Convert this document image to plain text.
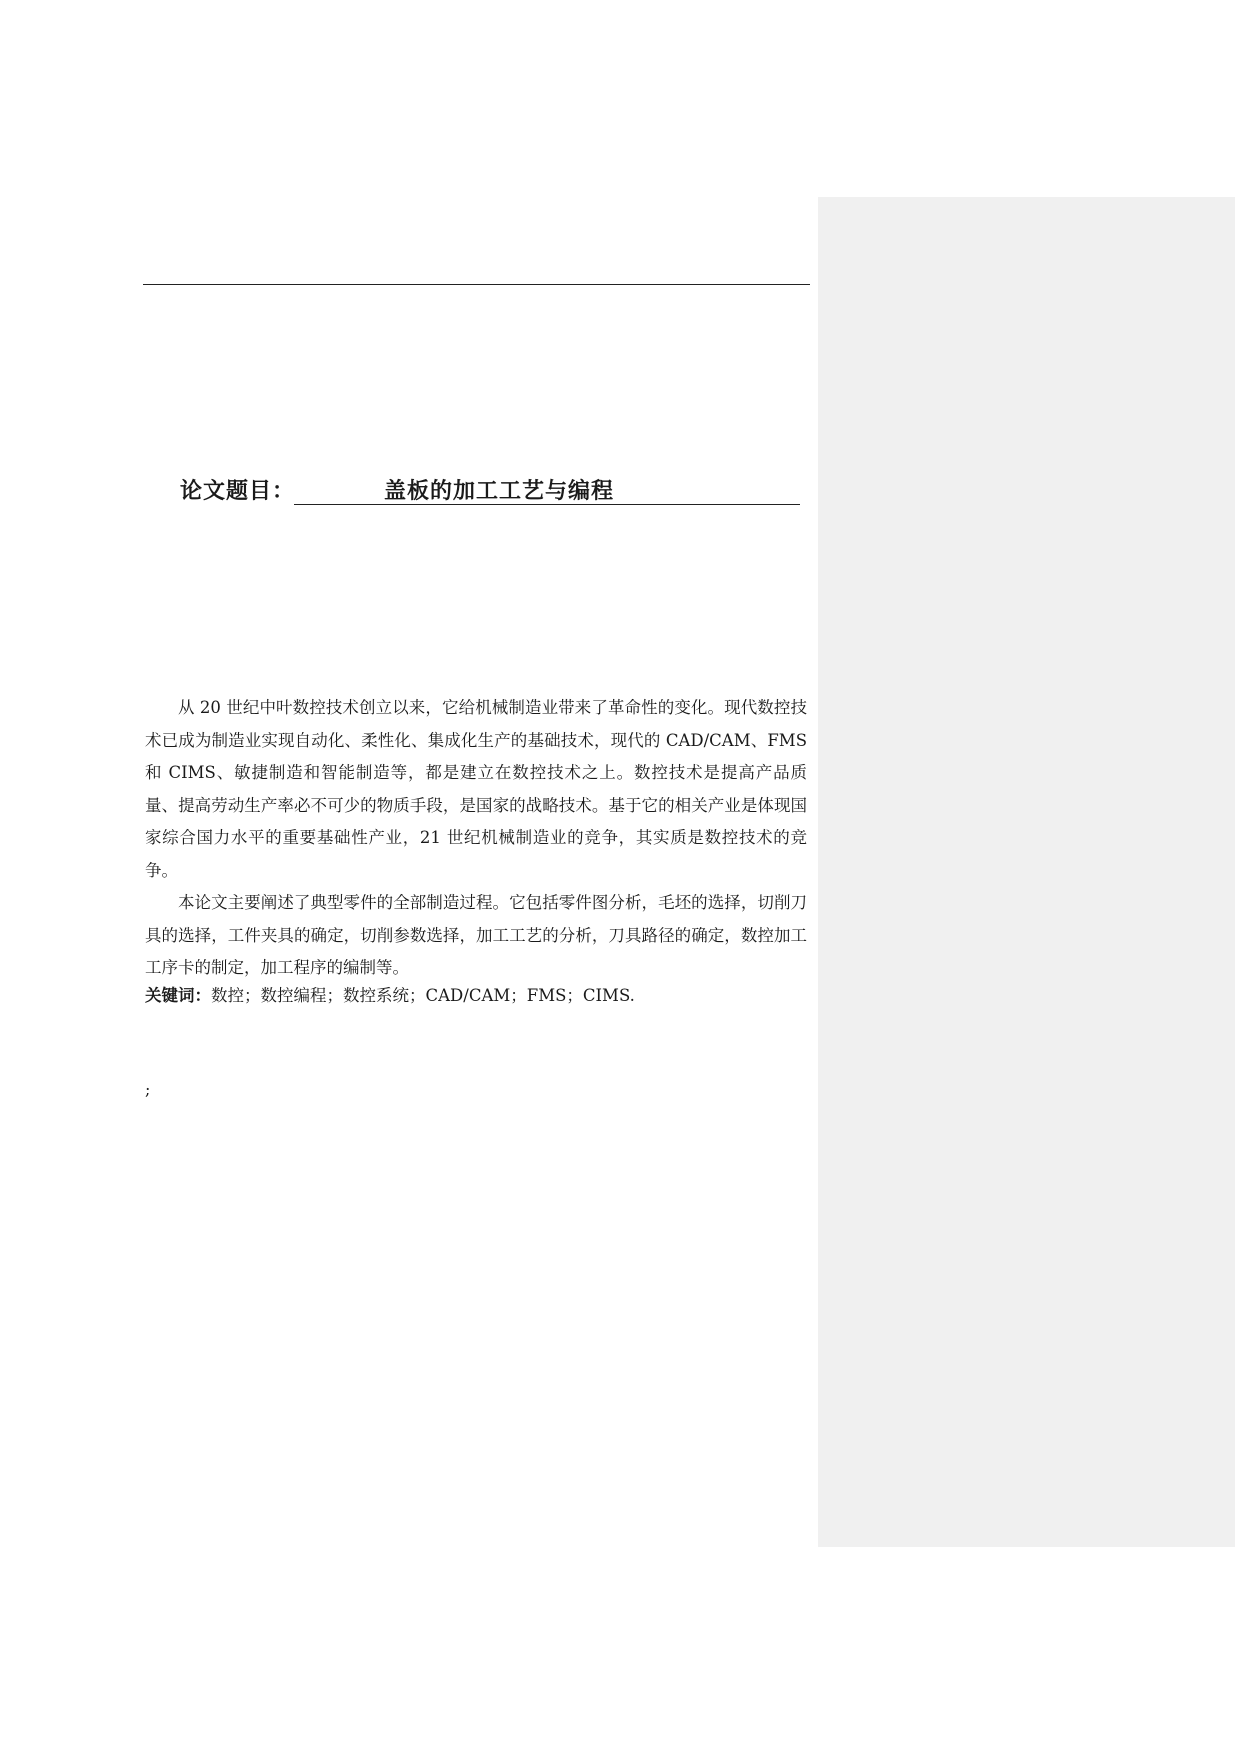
论文题目：	盖板的加工工艺与编程

从 20 世纪中叶数控技术创立以来，它给机械制造业带来了革命性的变化。现代数控技术已成为制造业实现自动化、柔性化、集成化生产的基础技术，现代的 CAD/CAM、FMS 和 CIMS、敏捷制造和智能制造等，都是建立在数控技术之上。数控技术是提高产品质量、提高劳动生产率必不可少的物质手段，是国家的战略技术。基于它的相关产业是体现国家综合国力水平的重要基础性产业，21 世纪机械制造业的竞争，其实质是数控技术的竞争。

本论文主要阐述了典型零件的全部制造过程。它包括零件图分析，毛坯的选择，切削刀具的选择，工件夹具的确定，切削参数选择，加工工艺的分析，刀具路径的确定，数控加工工序卡的制定，加工程序的编制等。

关键词：数控；数控编程；数控系统；CAD/CAM；FMS；CIMS.
;
